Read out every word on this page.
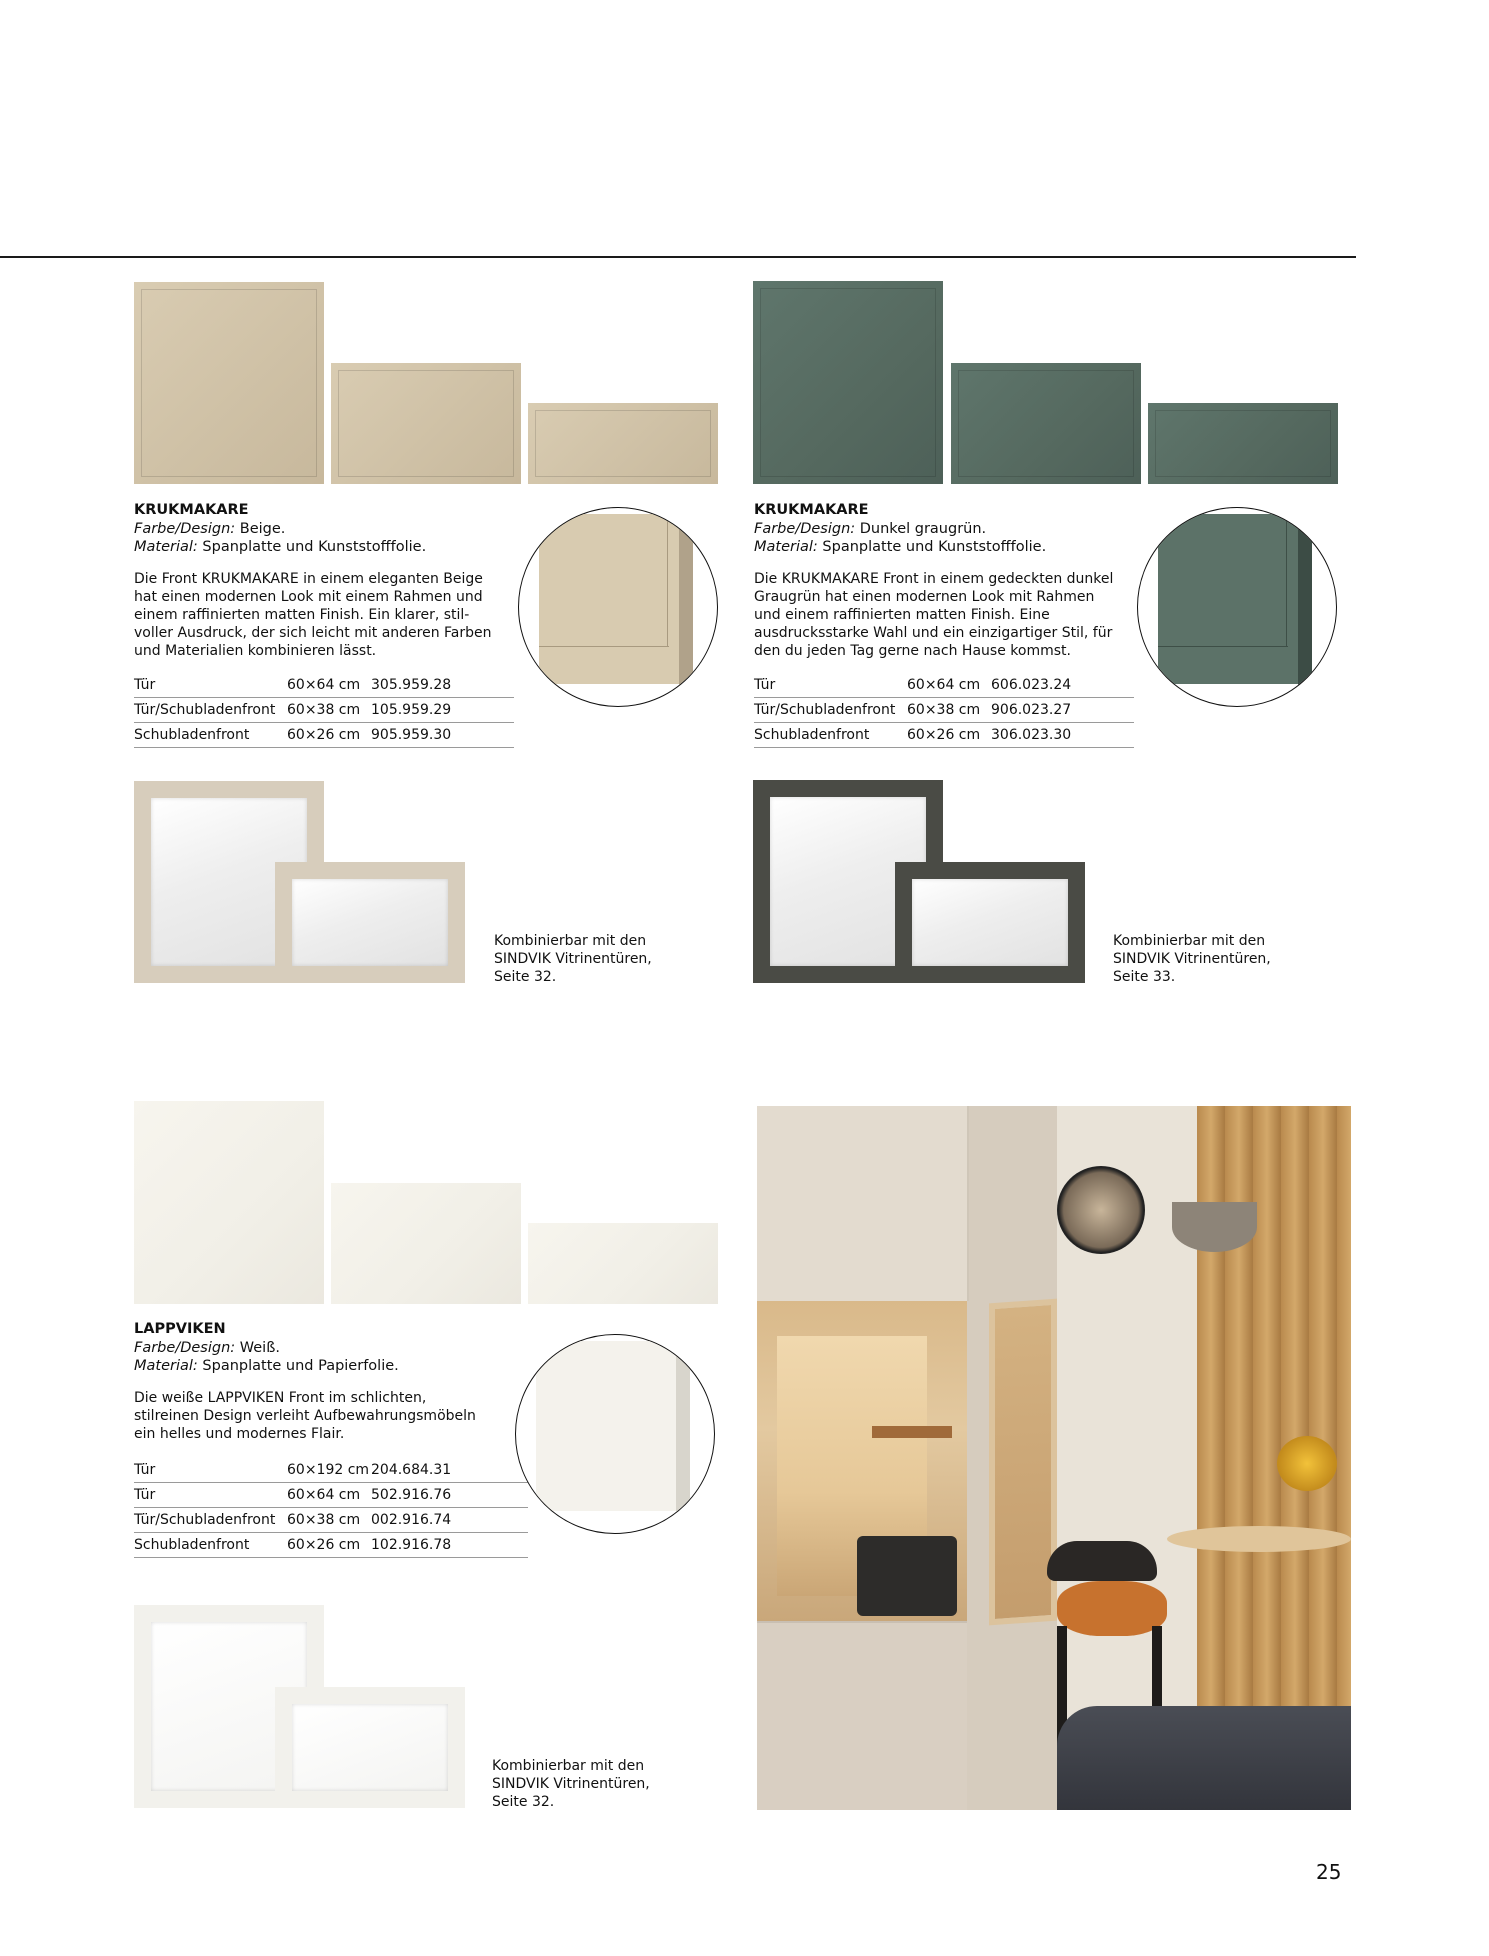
KRUKMAKARE
Farbe/Design: Beige.
Material: Spanplatte und Kunststofffolie.
Die Front KRUKMAKARE in einem eleganten Beige hat einen modernen Look mit einem Rahmen und einem raffinierten matten Finish. Ein klarer, stil-voller Ausdruck, der sich leicht mit anderen Farben und Materialien kombinieren lässt.
Tür	60×64 cm 305.959.28
Tür/Schubladenfront 60×38 cm 105.959.29
Schubladenfront	60×26 cm 905.959.30
Kombinierbar mit den SINDVIK Vitrinentüren, Seite 32.
KRUKMAKARE
Farbe/Design: Dunkel graugrün.
Material: Spanplatte und Kunststofffolie.
Die KRUKMAKARE Front in einem gedeckten dunkel Graugrün hat einen modernen Look mit Rahmen und einem raffinierten matten Finish. Eine ausdrucksstarke Wahl und ein einzigartiger Stil, für den du jeden Tag gerne nach Hause kommst.
Tür	60×64 cm 606.023.24
Tür/Schubladenfront 60×38 cm 906.023.27
Schubladenfront	60×26 cm 306.023.30
Kombinierbar mit den SINDVIK Vitrinentüren, Seite 33.
LAPPVIKEN
Farbe/Design: Weiß.
Material: Spanplatte und Papierfolie.
Die weiße LAPPVIKEN Front im schlichten, stilreinen Design verleiht Aufbewahrungsmöbeln ein helles und modernes Flair.
Tür	60×192 cm 204.684.31
Tür	60×64 cm 502.916.76
Tür/Schubladenfront 60×38 cm 002.916.74
Schubladenfront	60×26 cm 102.916.78
Kombinierbar mit den SINDVIK Vitrinentüren, Seite 32.
25
